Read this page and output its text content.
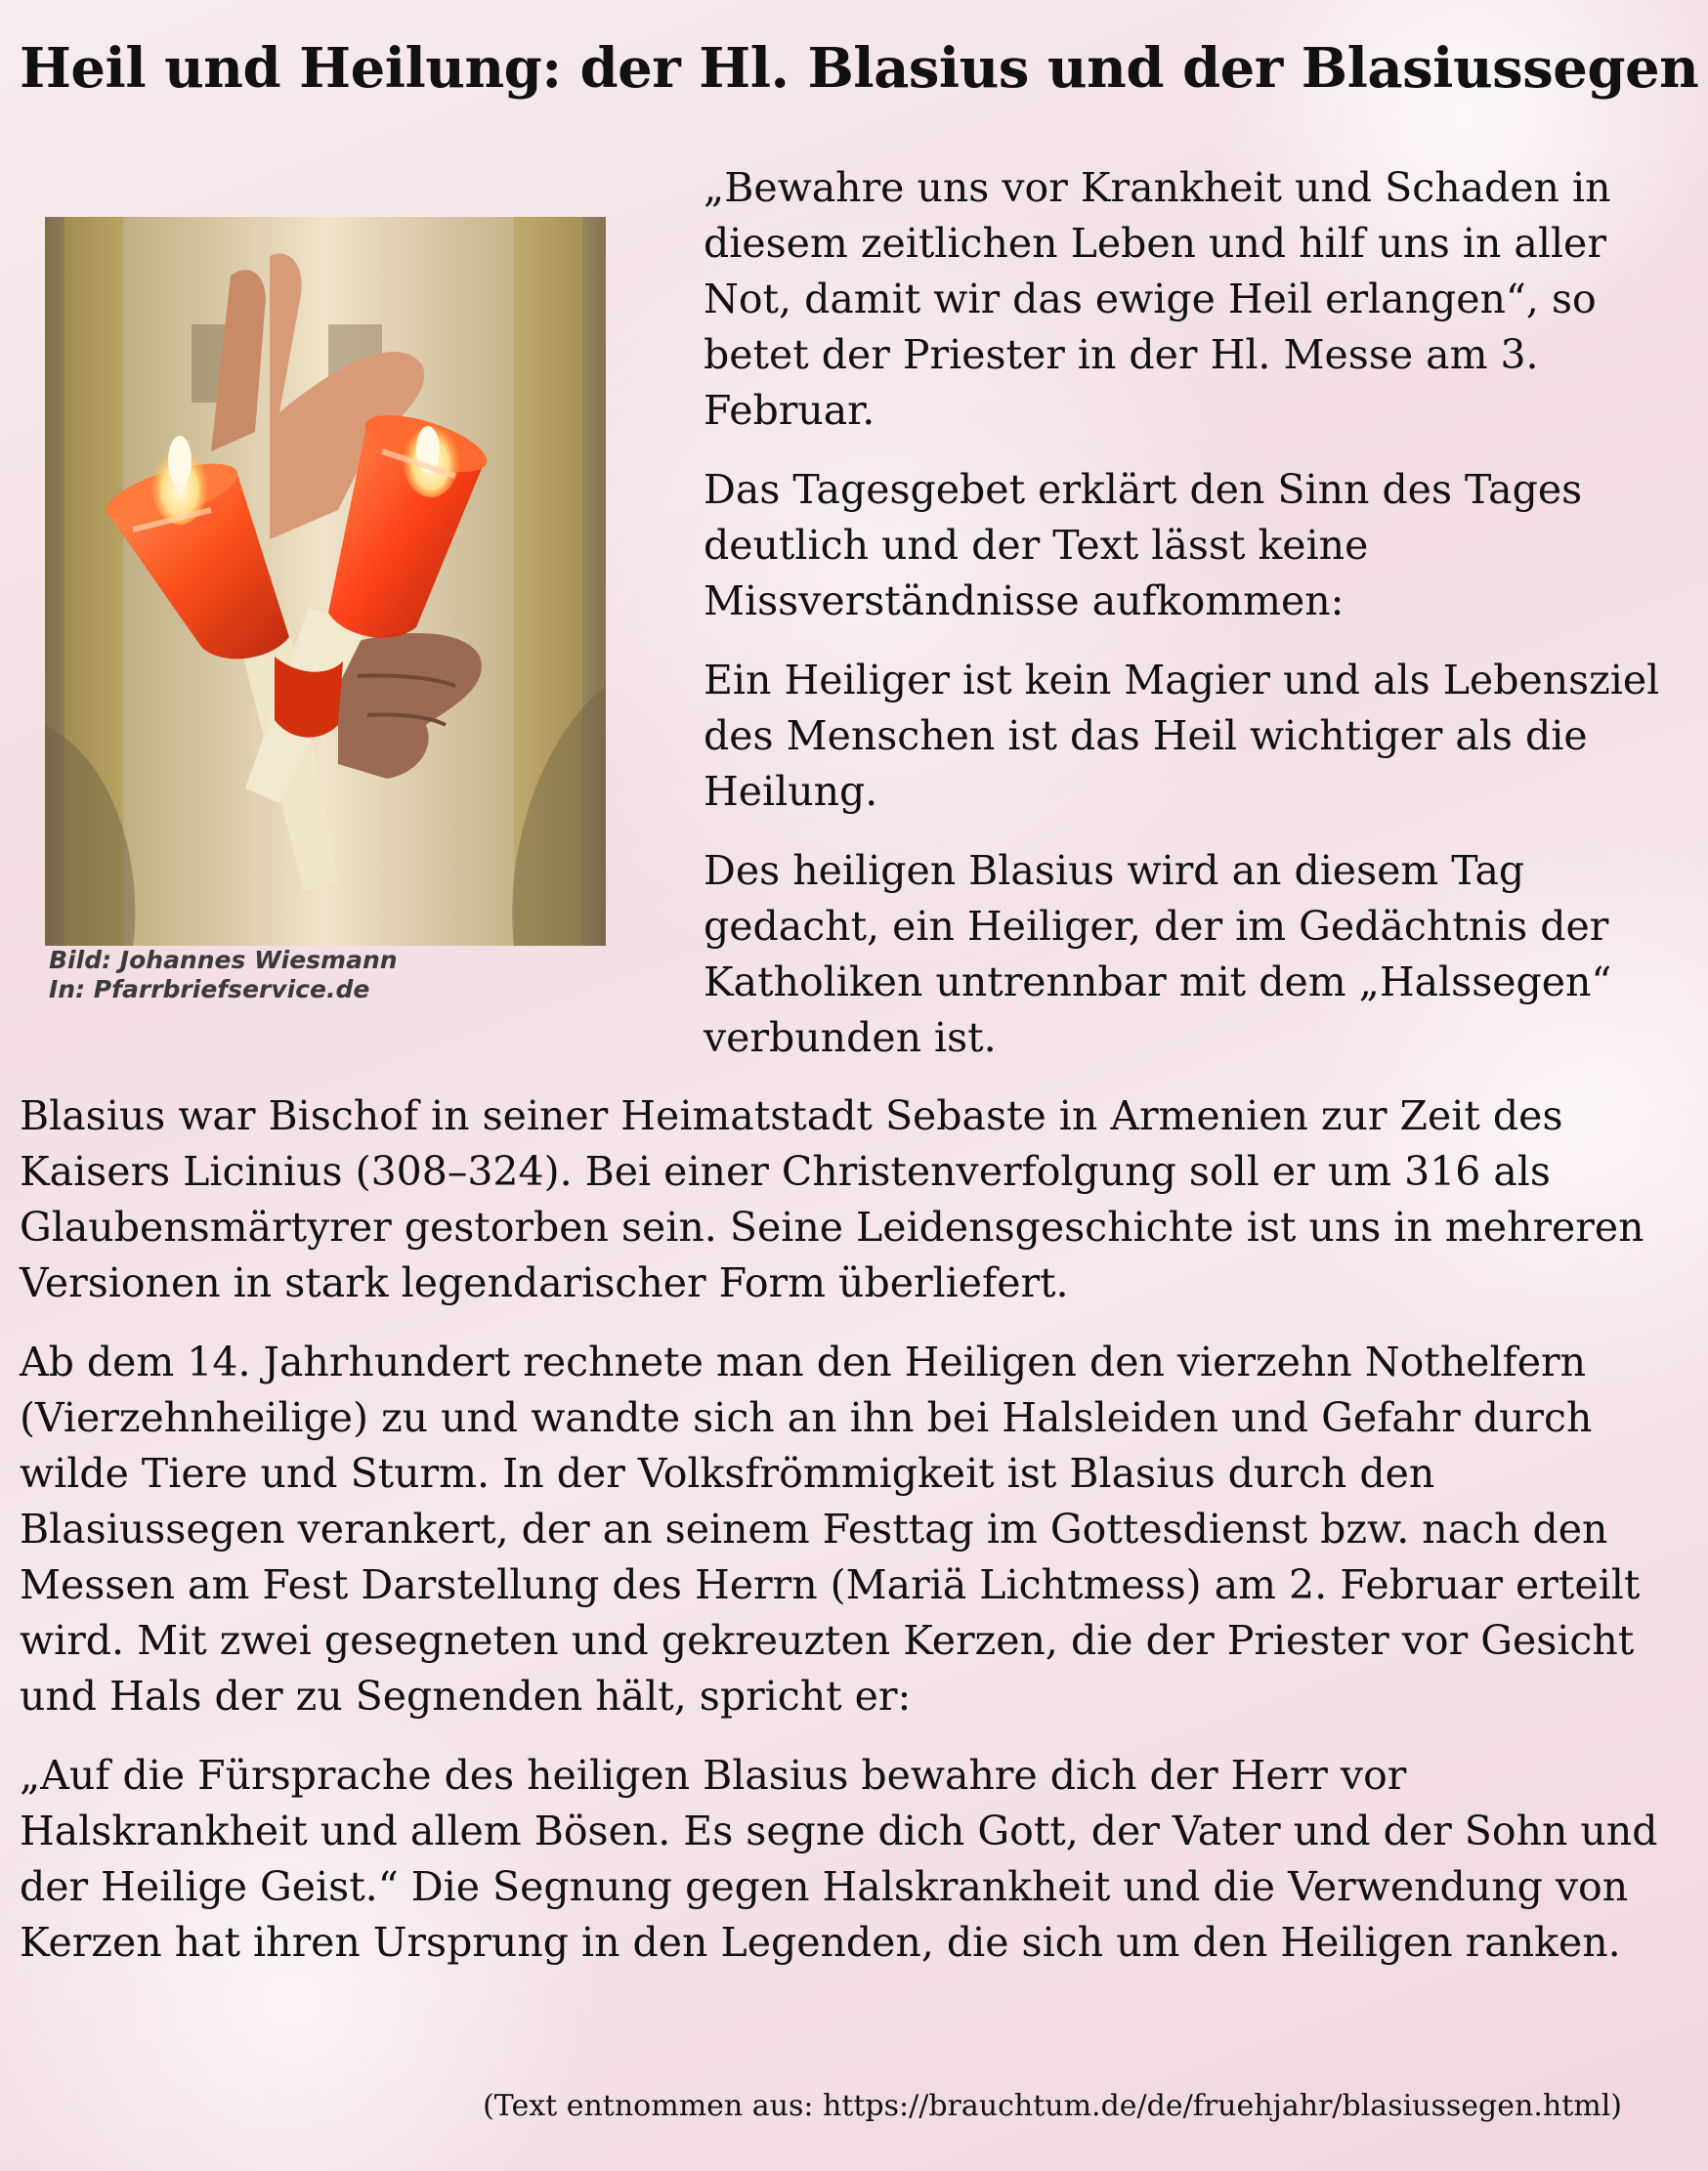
Heil und Heilung: der Hl. Blasius und der Blasiussegen
Bild: Johannes Wiesmann
In: Pfarrbriefservice.de

„Bewahre uns vor Krankheit und Schaden in diesem zeitlichen Leben und hilf uns in aller Not, damit wir das ewige Heil erlangen“, so betet der Priester in der Hl. Messe am 3. Februar.

Das Tagesgebet erklärt den Sinn des Tages deutlich und der Text lässt keine Missverständnisse aufkommen:

Ein Heiliger ist kein Magier und als Lebensziel des Menschen ist das Heil wichtiger als die Heilung.

Des heiligen Blasius wird an diesem Tag gedacht, ein Heiliger, der im Gedächtnis der Katholiken untrennbar mit dem „Halssegen“ verbunden ist.

Blasius war Bischof in seiner Heimatstadt Sebaste in Armenien zur Zeit des Kaisers Licinius (308–324). Bei einer Christenverfolgung soll er um 316 als Glaubensmärtyrer gestorben sein. Seine Leidensgeschichte ist uns in mehreren Versionen in stark legendarischer Form überliefert.

Ab dem 14. Jahrhundert rechnete man den Heiligen den vierzehn Nothelfern (Vierzehnheilige) zu und wandte sich an ihn bei Halsleiden und Gefahr durch wilde Tiere und Sturm. In der Volksfrömmigkeit ist Blasius durch den Blasiussegen verankert, der an seinem Festtag im Gottesdienst bzw. nach den Messen am Fest Darstellung des Herrn (Mariä Lichtmess) am 2. Februar erteilt wird. Mit zwei gesegneten und gekreuzten Kerzen, die der Priester vor Gesicht und Hals der zu Segnenden hält, spricht er:

„Auf die Fürsprache des heiligen Blasius bewahre dich der Herr vor Halskrankheit und allem Bösen. Es segne dich Gott, der Vater und der Sohn und der Heilige Geist.“ Die Segnung gegen Halskrankheit und die Verwendung von Kerzen hat ihren Ursprung in den Legenden, die sich um den Heiligen ranken.

(Text entnommen aus: https://brauchtum.de/de/fruehjahr/blasiussegen.html)
